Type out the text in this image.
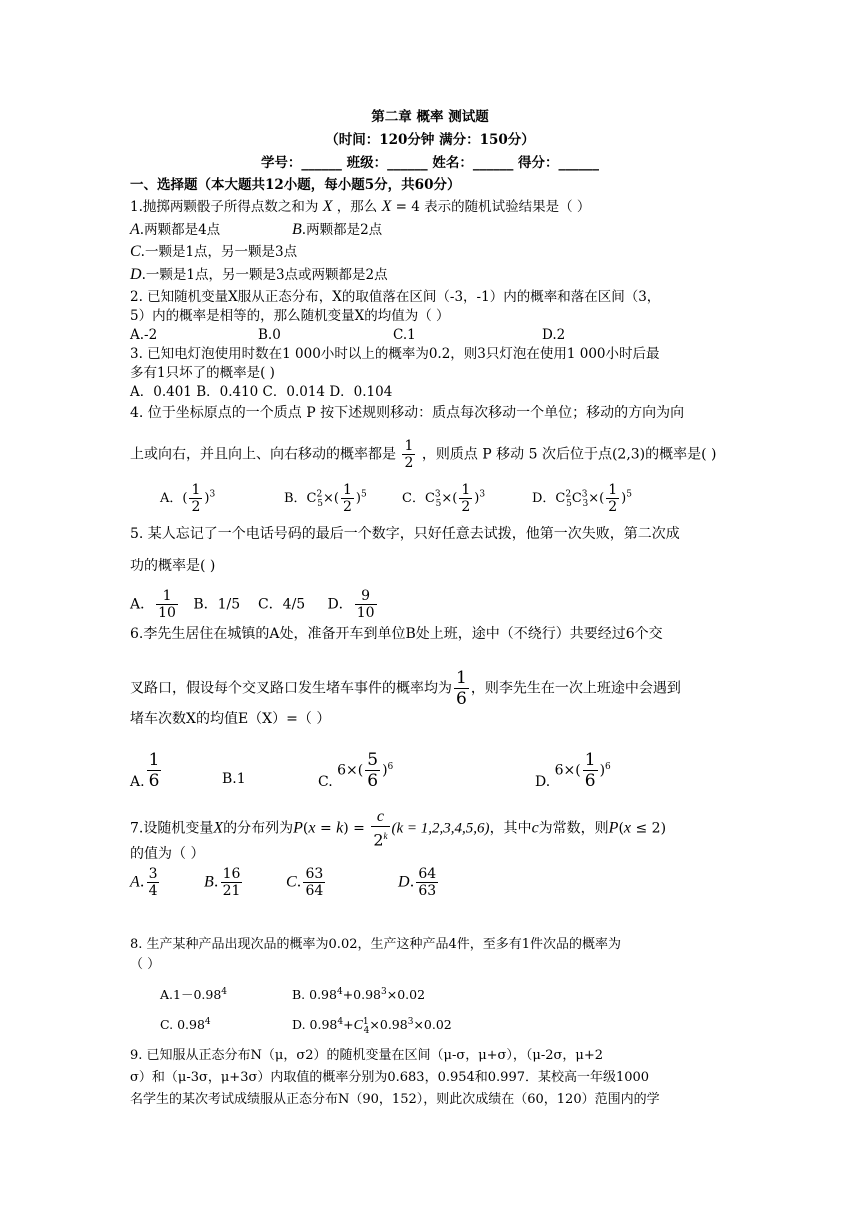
第二章 概率 测试题
（时间：120分钟 满分：150分）
学号：______ 班级：______ 姓名：______ 得分：______
一、选择题（本大题共12小题，每小题5分，共60分）
1.抛掷两颗骰子所得点数之和为 X ，那么 X = 4 表示的随机试验结果是（ ）
A.两颗都是4点	B.两颗都是2点
C.一颗是1点，另一颗是3点
D.一颗是1点，另一颗是3点或两颗都是2点
2. 已知随机变量X服从正态分布，X的取值落在区间（-3，-1）内的概率和落在区间（3，
5）内的概率是相等的，那么随机变量X的均值为（ ）
A.-2	B.0	C.1	D.2
3. 已知电灯泡使用时数在1 000小时以上的概率为0.2，则3只灯泡在使用1 000小时后最
多有1只坏了的概率是( )
A．0.401 B．0.410 C．0.014 D．0.104
4. 位于坐标原点的一个质点 P 按下述规则移动：质点每次移动一个单位；移动的方向为向
上或向右，并且向上、向右移动的概率都是 $\frac{1}{2}$ ，则质点 P 移动 5 次后位于点(2,3)的概率是( )
A．( $\frac{1}{2} )^3$	B．$C^2_5\times( \frac{1}{2} )^5$	C．$C^3_5\times( \frac{1}{2} )^3$	D．$C^2_5C^3_3\times( \frac{1}{2} )^5$
5. 某人忘记了一个电话号码的最后一个数字，只好任意去试拨，他第一次失败，第二次成
功的概率是( )
A． $\frac{1}{10}$ B．1/5 C．4/5     D． $\frac{9}{10}$
6.李先生居住在城镇的A处，准备开车到单位B处上班，途中（不绕行）共要经过6个交
叉路口，假设每个交叉路口发生堵车事件的概率均为 $\frac{1}{6}$ ，则李先生在一次上班途中会遇到
堵车次数X的均值E（X）=（ ）
A. $\frac{1}{6}$	B.1	C. $6\times( \frac{5}{6} )^6$
D. $6\times( \frac{1}{6} )^6$
7.设随机变量X的分布列为$P(x = k) = \frac{c}{2^k} (k = 1,2,3,4,5,6)$，其中c为常数，则P(x ≤ 2)
的值为（ ）
A. $\frac{3}{4}$	B. $\frac{16}{21}$	C. $\frac{63}{64}$	D. $\frac{64}{63}$
8. 生产某种产品出现次品的概率为0.02，生产这种产品4件，至多有1件次品的概率为
（ ）
$A.1-0.98^4$	B. $0.98^4+0.98^3\times 0.02$
C. 0.98$^4$	D. $0.98^4+C^1_4\times 0.98^3\times 0.02$
9. 已知服从正态分布N（μ，σ2）的随机变量在区间（μ-σ，μ+σ），（μ-2σ，μ+2
σ）和（μ-3σ，μ+3σ）内取值的概率分别为0.683，0.954和0.997．某校高一年级1000
名学生的某次考试成绩服从正态分布N（90，152），则此次成绩在（60，120）范围内的学
